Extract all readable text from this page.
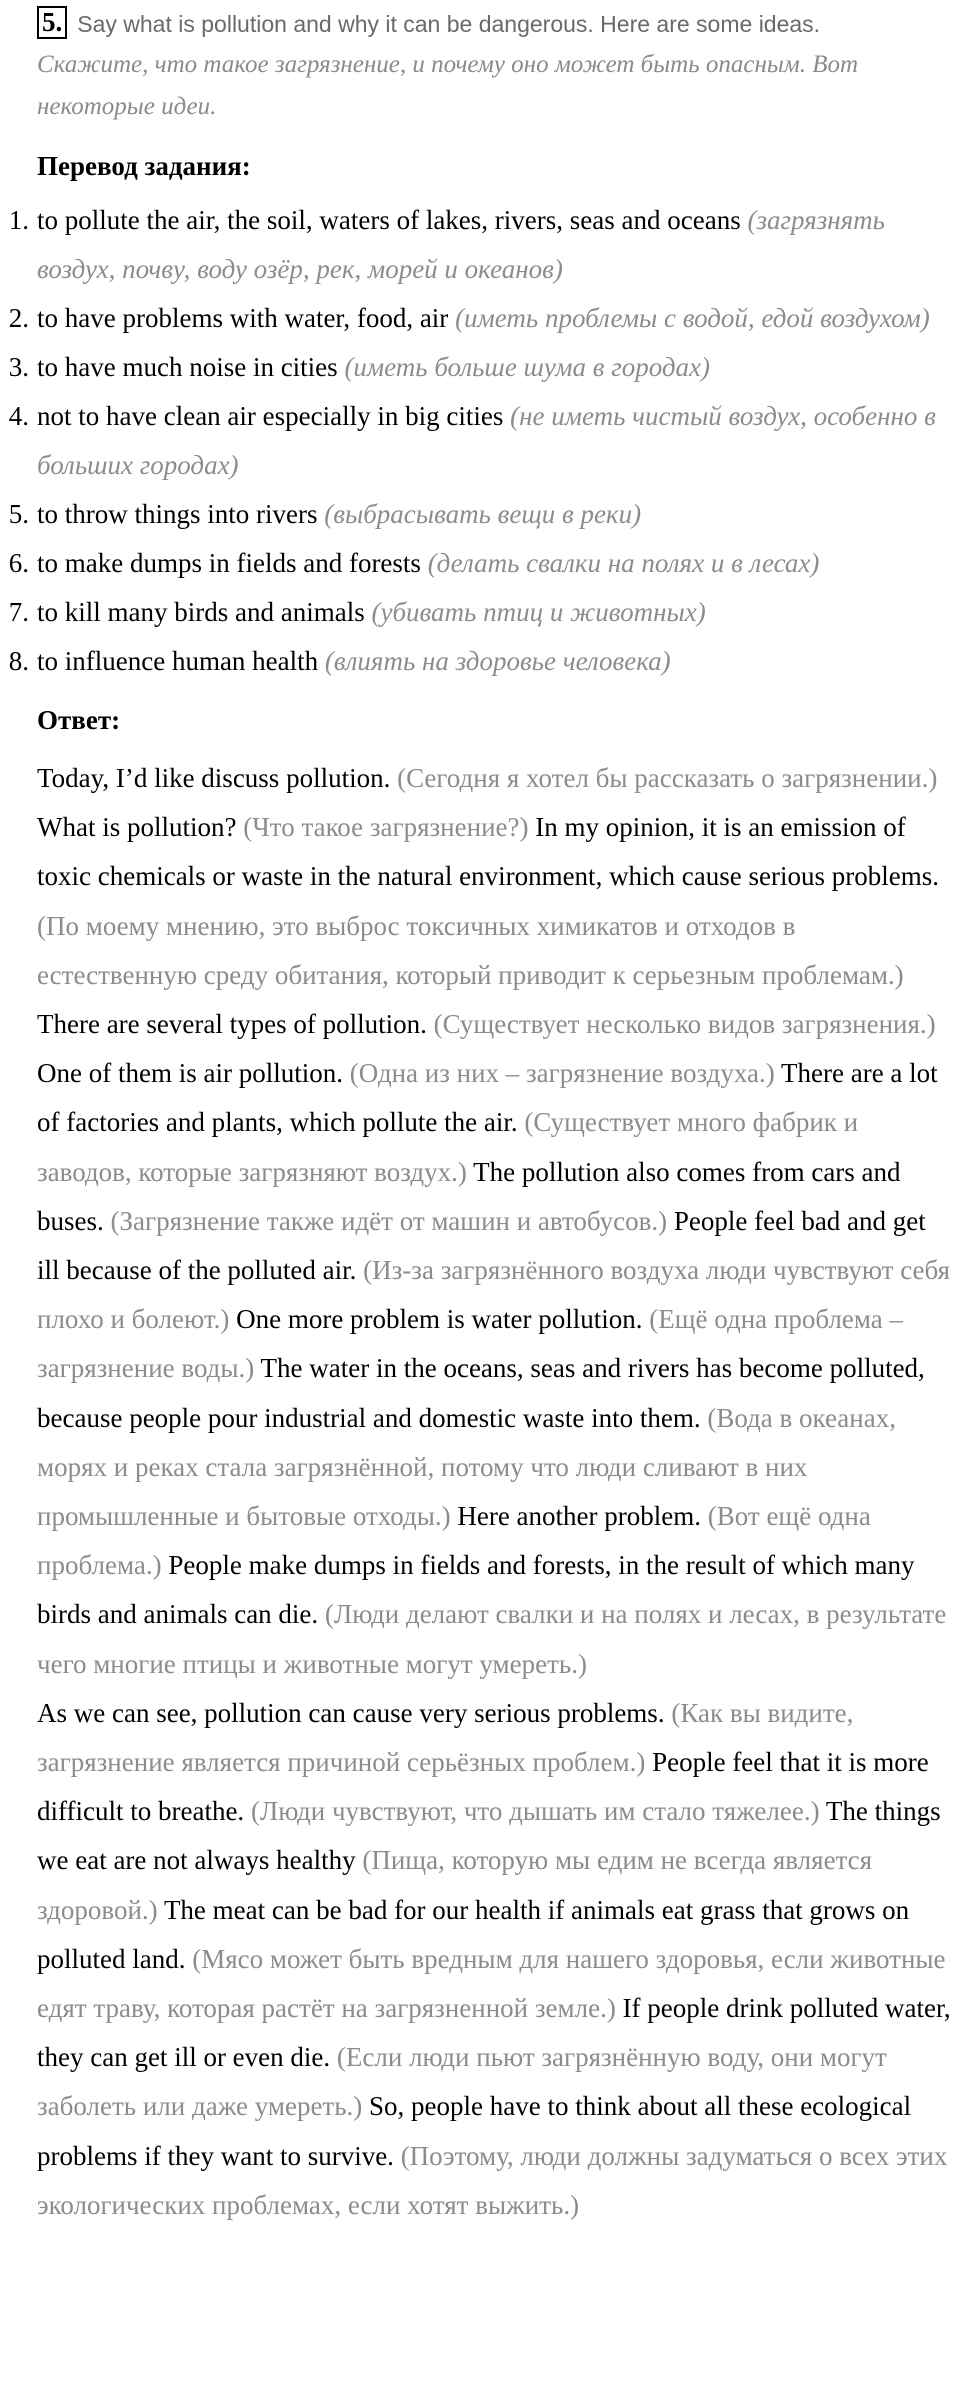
5. Say what is pollution and why it can be dangerous. Here are some ideas.
Скажите, что такое загрязнение, и почему оно может быть опасным. Вот некоторые идеи.
Перевод задания:
1. to pollute the air, the soil, waters of lakes, rivers, seas and oceans (загрязнять воздух, почву, воду озёр, рек, морей и океанов)
2. to have problems with water, food, air (иметь проблемы с водой, едой воздухом)
3. to have much noise in cities (иметь больше шума в городах)
4. not to have clean air especially in big cities (не иметь чистый воздух, особенно в больших городах)
5. to throw things into rivers (выбрасывать вещи в реки)
6. to make dumps in fields and forests (делать свалки на полях и в лесах)
7. to kill many birds and animals (убивать птиц и животных)
8. to influence human health (влиять на здоровье человека)
Ответ:
Today, I’d like discuss pollution. (Сегодня я хотел бы рассказать о загрязнении.) What is pollution? (Что такое загрязнение?) In my opinion, it is an emission of toxic chemicals or waste in the natural environment, which cause serious problems. (По моему мнению, это выброс токсичных химикатов и отходов в естественную среду обитания, который приводит к серьезным проблемам.) There are several types of pollution. (Существует несколько видов загрязнения.) One of them is air pollution. (Одна из них – загрязнение воздуха.) There are a lot of factories and plants, which pollute the air. (Существует много фабрик и заводов, которые загрязняют воздух.) The pollution also comes from cars and buses. (Загрязнение также идёт от машин и автобусов.) People feel bad and get ill because of the polluted air. (Из-за загрязнённого воздуха люди чувствуют себя плохо и болеют.) One more problem is water pollution. (Ещё одна проблема – загрязнение воды.) The water in the oceans, seas and rivers has become polluted, because people pour industrial and domestic waste into them. (Вода в океанах, морях и реках стала загрязнённой, потому что люди сливают в них промышленные и бытовые отходы.) Here another problem. (Вот ещё одна проблема.) People make dumps in fields and forests, in the result of which many birds and animals can die. (Люди делают свалки и на полях и лесах, в результате чего многие птицы и животные могут умереть.)
As we can see, pollution can cause very serious problems. (Как вы видите, загрязнение является причиной серьёзных проблем.) People feel that it is more difficult to breathe. (Люди чувствуют, что дышать им стало тяжелее.) The things we eat are not always healthy (Пища, которую мы едим не всегда является здоровой.) The meat can be bad for our health if animals eat grass that grows on polluted land. (Мясо может быть вредным для нашего здоровья, если животные едят траву, которая растёт на загрязненной земле.) If people drink polluted water, they can get ill or even die. (Если люди пьют загрязнённую воду, они могут заболеть или даже умереть.) So, people have to think about all these ecological problems if they want to survive. (Поэтому, люди должны задуматься о всех этих экологических проблемах, если хотят выжить.)
